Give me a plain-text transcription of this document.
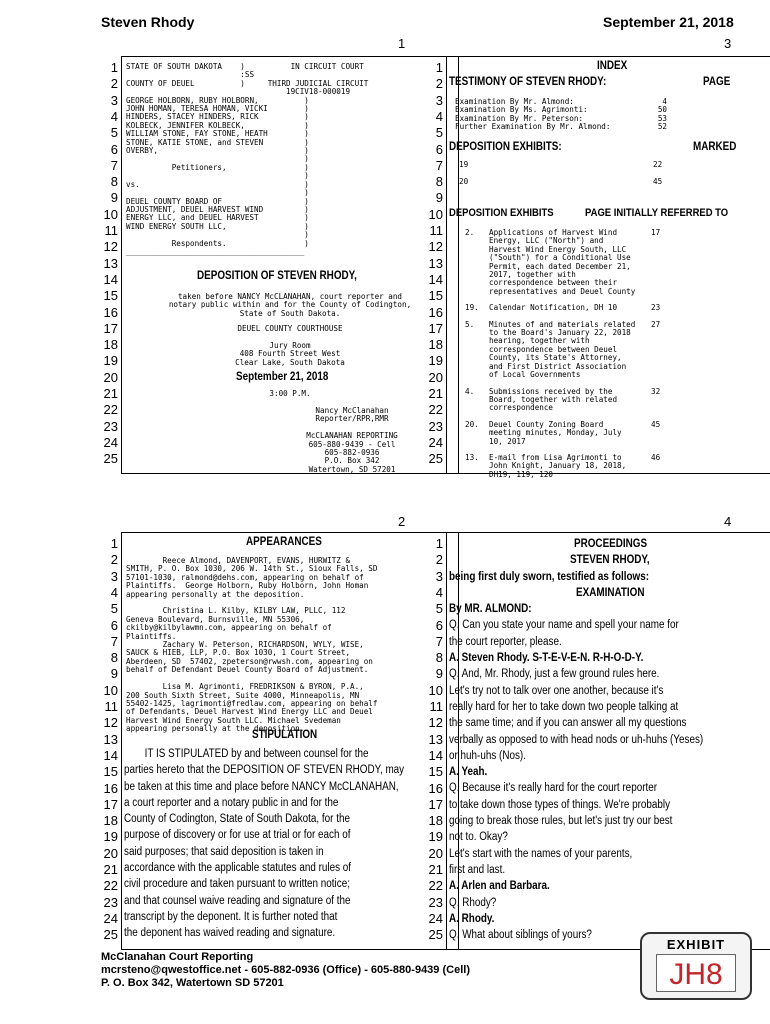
Steven Rhody	September 21, 2018
1	3
2	4
STATE OF SOUTH DAKOTA    )          IN CIRCUIT COURT
:SS
COUNTY OF DEUEL          )     THIRD JUDICIAL CIRCUIT
19CIV18-000019
GEORGE HOLBORN, RUBY HOLBORN,          )
JOHN HOMAN, TERESA HOMAN, VICKI        )
HINDERS, STACEY HINDERS, RICK          )
KOLBECK, JENNIFER KOLBECK,             )
WILLIAM STONE, FAY STONE, HEATH        )
STONE, KATIE STONE, and STEVEN         )
OVERBY,                                )
)
Petitioners,                 )
)
vs.                                    )
)
DEUEL COUNTY BOARD OF                  )
ADJUSTMENT, DEUEL HARVEST WIND         )
ENERGY LLC, and DEUEL HARVEST          )
WIND ENERGY SOUTH LLC,                 )
)
Respondents.                 )
_______________________________________
DEPOSITION OF STEVEN RHODY,
taken before NANCY McCLANAHAN, court reporter and
notary public within and for the County of Codington,
State of South Dakota.
DEUEL COUNTY COURTHOUSE

Jury Room
408 Fourth Street West
Clear Lake, South Dakota
September 21, 2018
3:00 P.M.
Nancy McClanahan
Reporter/RPR,RMR

McCLANAHAN REPORTING
605-880-9439 - Cell
605-882-0936
P.O. Box 342
Watertown, SD 57201
1
2
3
4
5
6
7
8
9
10
11
12
13
14
15
16
17
18
19
20
21
22
23
24
25
INDEX
TESTIMONY OF STEVEN RHODY:	PAGE
Examination By Mr. Almond:	4
Examination By Ms. Agrimonti:	50
Examination By Mr. Peterson:	53
Further Examination By Mr. Almond:	52
DEPOSITION EXHIBITS:	MARKED
19	22
20	45
DEPOSITION EXHIBITS	PAGE INITIALLY REFERRED TO
2. Applications of Harvest Wind
Energy, LLC ("North") and
Harvest Wind Energy South, LLC
("South") for a Conditional Use
Permit, each dated December 21,
2017, together with
correspondence between their
representatives and Deuel County
17
19. Calendar Notification, DH 10	23
5. Minutes of and materials related
to the Board's January 22, 2018
hearing, together with
correspondence between Deuel
County, its State's Attorney,
and First District Association
of Local Governments
27
4. Submissions received by the
Board, together with related
correspondence
32
20. Deuel County Zoning Board
meeting minutes, Monday, July
10, 2017
45
13. E-mail from Lisa Agrimonti to
John Knight, January 18, 2018,
DH19, 119, 120
46
1
2
3
4
5
6
7
8
9
10
11
12
13
14
15
16
17
18
19
20
21
22
23
24
25
APPEARANCES
Reece Almond, DAVENPORT, EVANS, HURWITZ &
SMITH, P. O. Box 1030, 206 W. 14th St., Sioux Falls, SD
57101-1030, ralmond@dehs.com, appearing on behalf of
Plaintiffs.  George Holborn, Ruby Holborn, John Homan
appearing personally at the deposition.

Christina L. Kilby, KILBY LAW, PLLC, 112
Geneva Boulevard, Burnsville, MN 55306,
ckilby@kilbylawmn.com, appearing on behalf of
Plaintiffs.
Zachary W. Peterson, RICHARDSON, WYLY, WISE,
SAUCK & HIEB, LLP, P.O. Box 1030, 1 Court Street,
Aberdeen, SD  57402, zpeterson@rwwsh.com, appearing on
behalf of Defendant Deuel County Board of Adjustment.

Lisa M. Agrimonti, FREDRIKSON & BYRON, P.A.,
200 South Sixth Street, Suite 4000, Minneapolis, MN
55402-1425, lagrimonti@fredlaw.com, appearing on behalf
of Defendants, Deuel Harvest Wind Energy LLC and Deuel
Harvest Wind Energy South LLC. Michael Svedeman
appearing personally at the deposition.
STIPULATION
IT IS STIPULATED by and between counsel for the
parties hereto that the DEPOSITION OF STEVEN RHODY, may
be taken at this time and place before NANCY McCLANAHAN,
a court reporter and a notary public in and for the
County of Codington, State of South Dakota, for the
purpose of discovery or for use at trial or for each of
said purposes; that said deposition is taken in
accordance with the applicable statutes and rules of
civil procedure and taken pursuant to written notice;
and that counsel waive reading and signature of the
transcript by the deponent. It is further noted that
the deponent has waived reading and signature.
1
2
3
4
5
6
7
8
9
10
11
12
13
14
15
16
17
18
19
20
21
22
23
24
25
PROCEEDINGS
STEVEN RHODY,
being first duly sworn, testified as follows:
EXAMINATION
By MR. ALMOND:
Q. Can you state your name and spell your name for
the court reporter, please.
A. Steven Rhody. S-T-E-V-E-N. R-H-O-D-Y.
Q. And, Mr. Rhody, just a few ground rules here.
Let's try not to talk over one another, because it's
really hard for her to take down two people talking at
the same time; and if you can answer all my questions
verbally as opposed to with head nods or uh-huhs (Yeses)
or huh-uhs (Nos).
A. Yeah.
Q. Because it's really hard for the court reporter
to take down those types of things. We're probably
going to break those rules, but let's just try our best
not to. Okay?
Let's start with the names of your parents,
first and last.
A. Arlen and Barbara.
Q. Rhody?
A. Rhody.
Q. What about siblings of yours?
1
2
3
4
5
6
7
8
9
10
11
12
13
14
15
16
17
18
19
20
21
22
23
24
25
McClanahan Court Reporting
mcrsteno@qwestoffice.net - 605-882-0936 (Office) - 605-880-9439 (Cell)
P. O. Box 342, Watertown SD 57201
EXHIBIT
JH8
